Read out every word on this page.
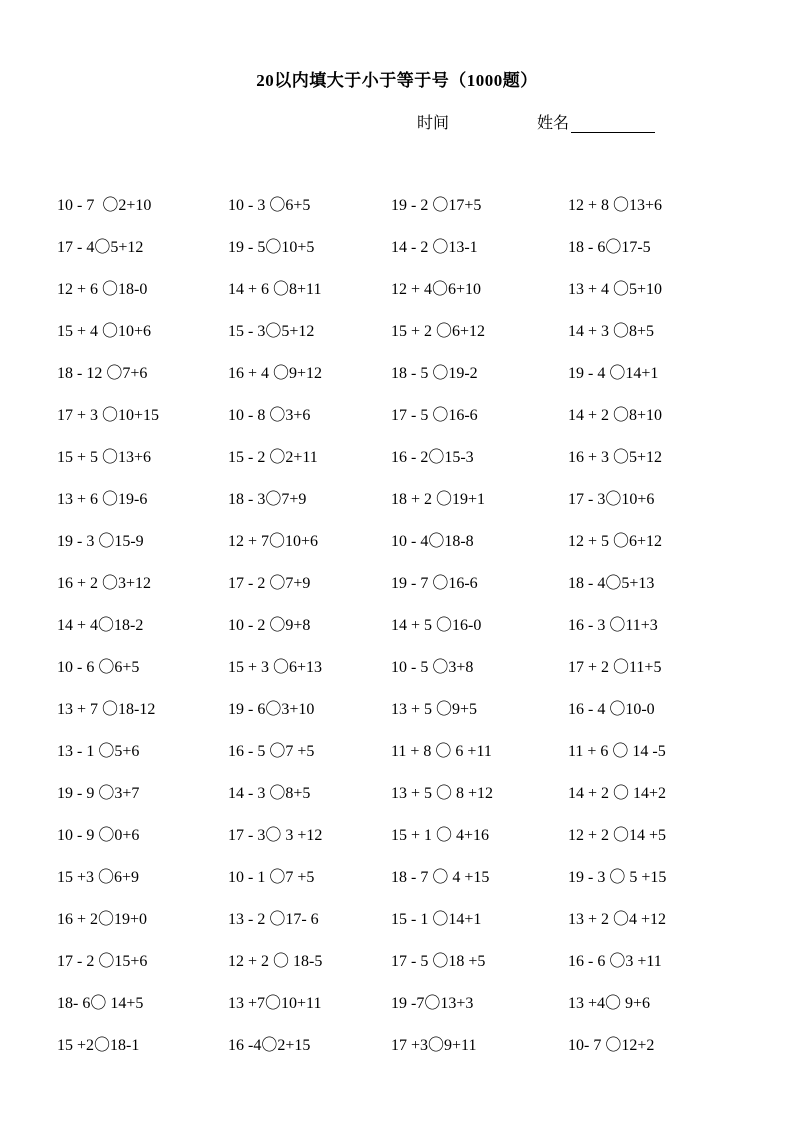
20以内填大于小于等于号（1000题）
时间	姓名
10 - 7  〇2+10	10 - 3 〇6+5	19 - 2 〇17+5	12 + 8 〇13+6
17 - 4〇5+12	19 - 5〇10+5	14 - 2 〇13-1	18 - 6〇17-5
12 + 6 〇18-0	14 + 6 〇8+11	12 + 4〇6+10	13 + 4 〇5+10
15 + 4 〇10+6	15 - 3〇5+12	15 + 2 〇6+12	14 + 3 〇8+5
18 - 12 〇7+6	16 + 4 〇9+12	18 - 5 〇19-2	19 - 4 〇14+1
17 + 3 〇10+15	10 - 8 〇3+6	17 - 5 〇16-6	14 + 2 〇8+10
15 + 5 〇13+6	15 - 2 〇2+11	16 - 2〇15-3	16 + 3 〇5+12
13 + 6 〇19-6	18 - 3〇7+9	18 + 2 〇19+1	17 - 3〇10+6
19 - 3 〇15-9	12 + 7〇10+6	10 - 4〇18-8	12 + 5 〇6+12
16 + 2 〇3+12	17 - 2 〇7+9	19 - 7 〇16-6	18 - 4〇5+13
14 + 4〇18-2	10 - 2 〇9+8	14 + 5 〇16-0	16 - 3 〇11+3
10 - 6 〇6+5	15 + 3 〇6+13	10 - 5 〇3+8	17 + 2 〇11+5
13 + 7 〇18-12	19 - 6〇3+10	13 + 5 〇9+5	16 - 4 〇10-0
13 - 1 〇5+6	16 - 5 〇7 +5	11 + 8 〇 6 +11	11 + 6 〇 14 -5
19 - 9 〇3+7	14 - 3 〇8+5	13 + 5 〇 8 +12	14 + 2 〇 14+2
10 - 9 〇0+6	17 - 3〇 3 +12	15 + 1 〇 4+16	12 + 2 〇14 +5
15 +3 〇6+9	10 - 1 〇7 +5	18 - 7 〇 4 +15	19 - 3 〇 5 +15
16 + 2〇19+0	13 - 2 〇17- 6	15 - 1 〇14+1	13 + 2 〇4 +12
17 - 2 〇15+6	12 + 2 〇 18-5	17 - 5 〇18 +5	16 - 6 〇3 +11
18- 6〇 14+5	13 +7〇10+11	19 -7〇13+3	13 +4〇 9+6
15 +2〇18-1	16 -4〇2+15	17 +3〇9+11	10- 7 〇12+2
